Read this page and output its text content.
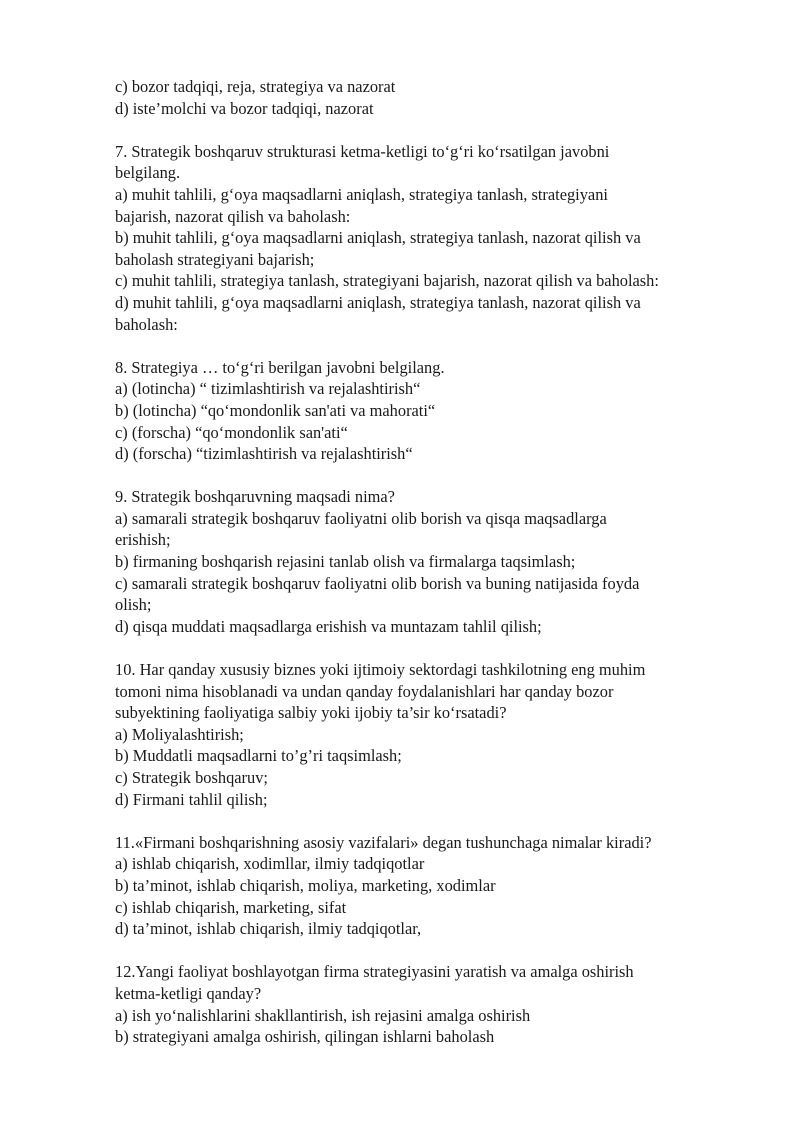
c) bozor tadqiqi, reja, strategiya va nazorat
d) iste’molchi va bozor tadqiqi, nazorat
7. Strategik boshqaruv strukturasi ketma-ketligi to‘g‘ri ko‘rsatilgan javobni
belgilang.
a) muhit tahlili, g‘oya maqsadlarni aniqlash, strategiya tanlash, strategiyani
bajarish, nazorat qilish va baholash:
b) muhit tahlili, g‘oya maqsadlarni aniqlash, strategiya tanlash, nazorat qilish va
baholash strategiyani bajarish;
c) muhit tahlili, strategiya tanlash, strategiyani bajarish, nazorat qilish va baholash:
d) muhit tahlili, g‘oya maqsadlarni aniqlash, strategiya tanlash, nazorat qilish va
baholash:
8. Strategiya … to‘g‘ri berilgan javobni belgilang.
a) (lotincha) “ tizimlashtirish va rejalashtirish“
b) (lotincha) “qo‘mondonlik san'ati va mahorati“
c) (forscha) “qo‘mondonlik san'ati“
d) (forscha) “tizimlashtirish va rejalashtirish“
9. Strategik boshqaruvning maqsadi nima?
a) samarali strategik boshqaruv faoliyatni olib borish va qisqa maqsadlarga
erishish;
b) firmaning boshqarish rejasini tanlab olish va firmalarga taqsimlash;
c) samarali strategik boshqaruv faoliyatni olib borish va buning natijasida foyda
olish;
d) qisqa muddati maqsadlarga erishish va muntazam tahlil qilish;
10. Har qanday xususiy biznes yoki ijtimoiy sektordagi tashkilotning eng muhim
tomoni nima hisoblanadi va undan qanday foydalanishlari har qanday bozor
subyektining faoliyatiga salbiy yoki ijobiy ta’sir ko‘rsatadi?
a) Moliyalashtirish;
b) Muddatli maqsadlarni to’g’ri taqsimlash;
c) Strategik boshqaruv;
d) Firmani tahlil qilish;
11.«Firmani boshqarishning asosiy vazifalari» degan tushunchaga nimalar kiradi?
a) ishlab chiqarish, xodimllar, ilmiy tadqiqotlar
b) ta’minot, ishlab chiqarish, moliya, marketing, xodimlar
c) ishlab chiqarish, marketing, sifat
d) ta’minot, ishlab chiqarish, ilmiy tadqiqotlar,
12.Yangi faoliyat boshlayotgan firma strategiyasini yaratish va amalga oshirish
ketma-ketligi qanday?
a) ish yo‘nalishlarini shakllantirish, ish rejasini amalga oshirish
b) strategiyani amalga oshirish, qilingan ishlarni baholash
